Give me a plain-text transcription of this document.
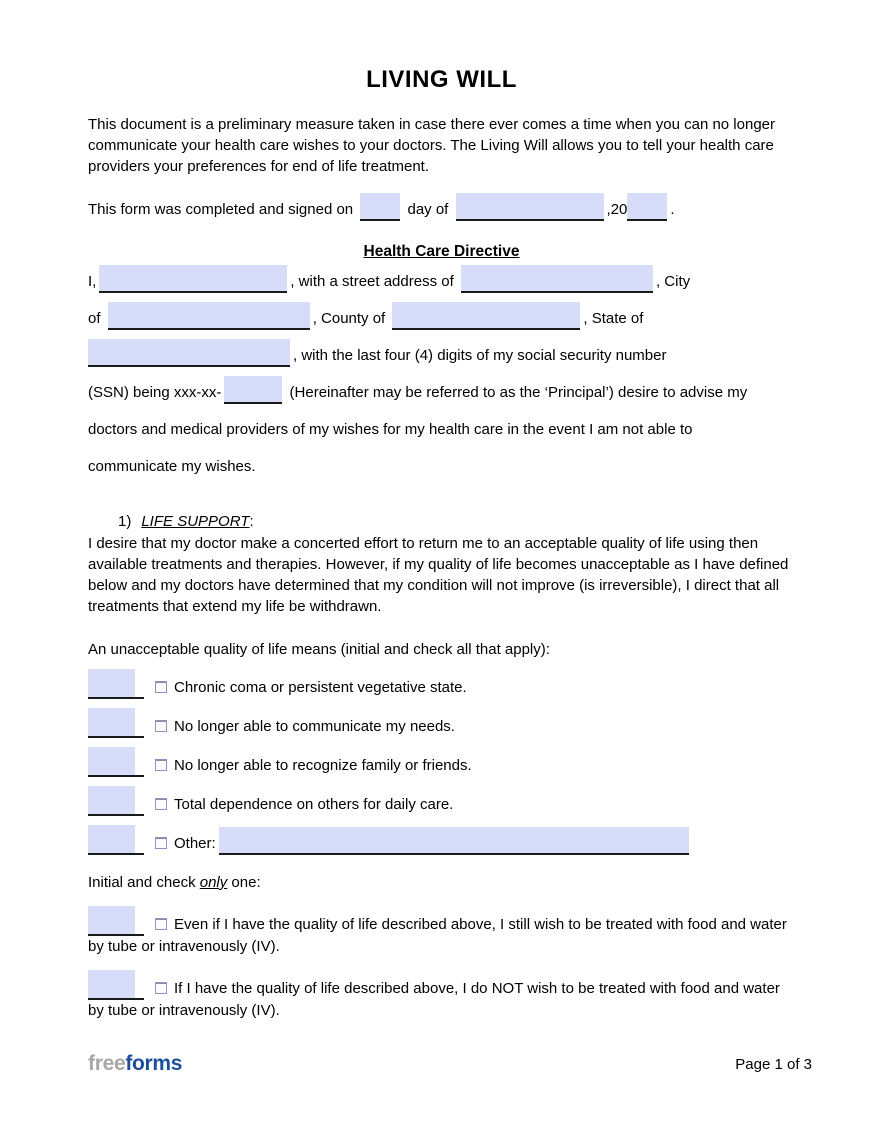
LIVING WILL

This document is a preliminary measure taken in case there ever comes a time when you can no longer communicate your health care wishes to your doctors. The Living Will allows you to tell your health care providers your preferences for end of life treatment.

This form was completed and signed on	day of	,20	.

Health Care Directive
I,	, with a street address of	, City
of	, County of	, State of
, with the last four (4) digits of my social security number
(SSN) being xxx-xx-	(Hereinafter may be referred to as the ‘Principal’) desire to advise my
doctors and medical providers of my wishes for my health care in the event I am not able to
communicate my wishes.

1) LIFE SUPPORT:

I desire that my doctor make a concerted effort to return me to an acceptable quality of life using then available treatments and therapies. However, if my quality of life becomes unacceptable as I have defined below and my doctors have determined that my condition will not improve (is irreversible), I direct that all treatments that extend my life be withdrawn.

An unacceptable quality of life means (initial and check all that apply):

Chronic coma or persistent vegetative state.

No longer able to communicate my needs.

No longer able to recognize family or friends.

Total dependence on others for daily care.

Other:

Initial and check only one:

Even if I have the quality of life described above, I still wish to be treated with food and water by tube or intravenously (IV).

If I have the quality of life described above, I do NOT wish to be treated with food and water by tube or intravenously (IV).

freeforms	Page 1 of 3
